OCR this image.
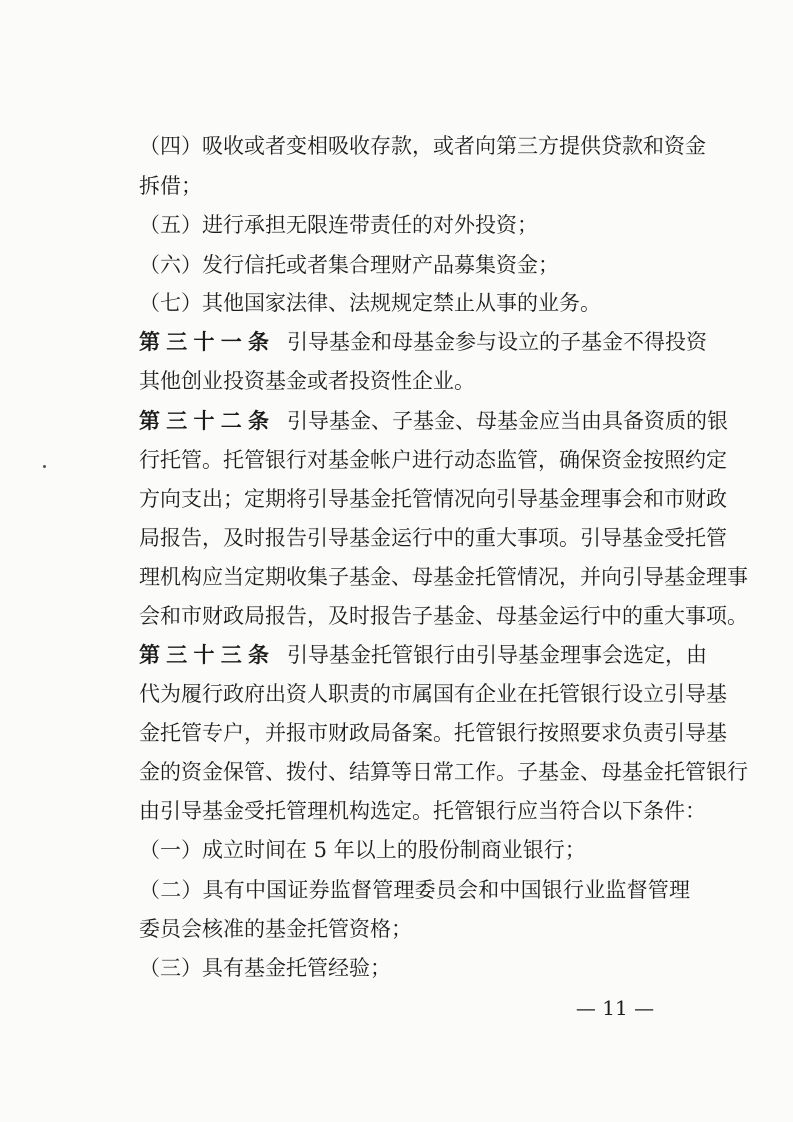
（四）吸收或者变相吸收存款，或者向第三方提供贷款和资金
拆借；
（五）进行承担无限连带责任的对外投资；
（六）发行信托或者集合理财产品募集资金；
（七）其他国家法律、法规规定禁止从事的业务。
第三十一条 引导基金和母基金参与设立的子基金不得投资
其他创业投资基金或者投资性企业。
第三十二条 引导基金、子基金、母基金应当由具备资质的银
行托管。托管银行对基金帐户进行动态监管，确保资金按照约定
方向支出；定期将引导基金托管情况向引导基金理事会和市财政
局报告，及时报告引导基金运行中的重大事项。引导基金受托管
理机构应当定期收集子基金、母基金托管情况，并向引导基金理事
会和市财政局报告，及时报告子基金、母基金运行中的重大事项。
第三十三条 引导基金托管银行由引导基金理事会选定，由
代为履行政府出资人职责的市属国有企业在托管银行设立引导基
金托管专户，并报市财政局备案。托管银行按照要求负责引导基
金的资金保管、拨付、结算等日常工作。子基金、母基金托管银行
由引导基金受托管理机构选定。托管银行应当符合以下条件：
（一）成立时间在 5 年以上的股份制商业银行；
（二）具有中国证券监督管理委员会和中国银行业监督管理
委员会核准的基金托管资格；
（三）具有基金托管经验；
— 11 —
